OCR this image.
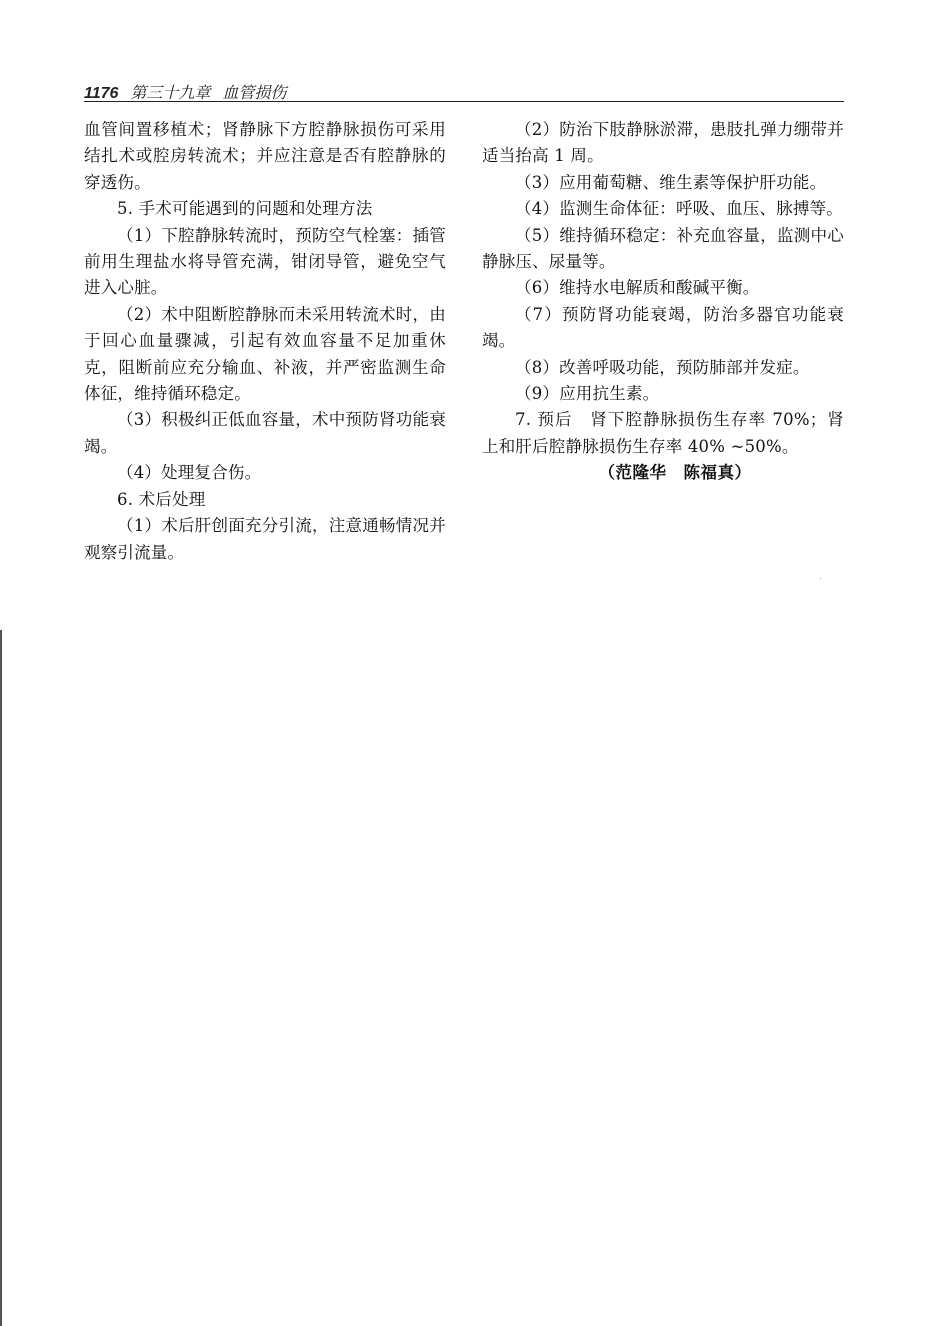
1176 第三十九章 血管损伤

血管间置移植术；肾静脉下方腔静脉损伤可采用结扎术或腔房转流术；并应注意是否有腔静脉的穿透伤。

5. 手术可能遇到的问题和处理方法

（1）下腔静脉转流时，预防空气栓塞：插管前用生理盐水将导管充满，钳闭导管，避免空气进入心脏。

（2）术中阻断腔静脉而未采用转流术时，由于回心血量骤减，引起有效血容量不足加重休克，阻断前应充分输血、补液，并严密监测生命体征，维持循环稳定。

（3）积极纠正低血容量，术中预防肾功能衰竭。

（4）处理复合伤。

6. 术后处理

（1）术后肝创面充分引流，注意通畅情况并观察引流量。

（2）防治下肢静脉淤滞，患肢扎弹力绷带并适当抬高 1 周。

（3）应用葡萄糖、维生素等保护肝功能。

（4）监测生命体征：呼吸、血压、脉搏等。

（5）维持循环稳定：补充血容量，监测中心静脉压、尿量等。

（6）维持水电解质和酸碱平衡。

（7）预防肾功能衰竭，防治多器官功能衰竭。

（8）改善呼吸功能，预防肺部并发症。

（9）应用抗生素。

7. 预后　肾下腔静脉损伤生存率 70%；肾上和肝后腔静脉损伤生存率 40% ~50%。

（范隆华　陈福真）
